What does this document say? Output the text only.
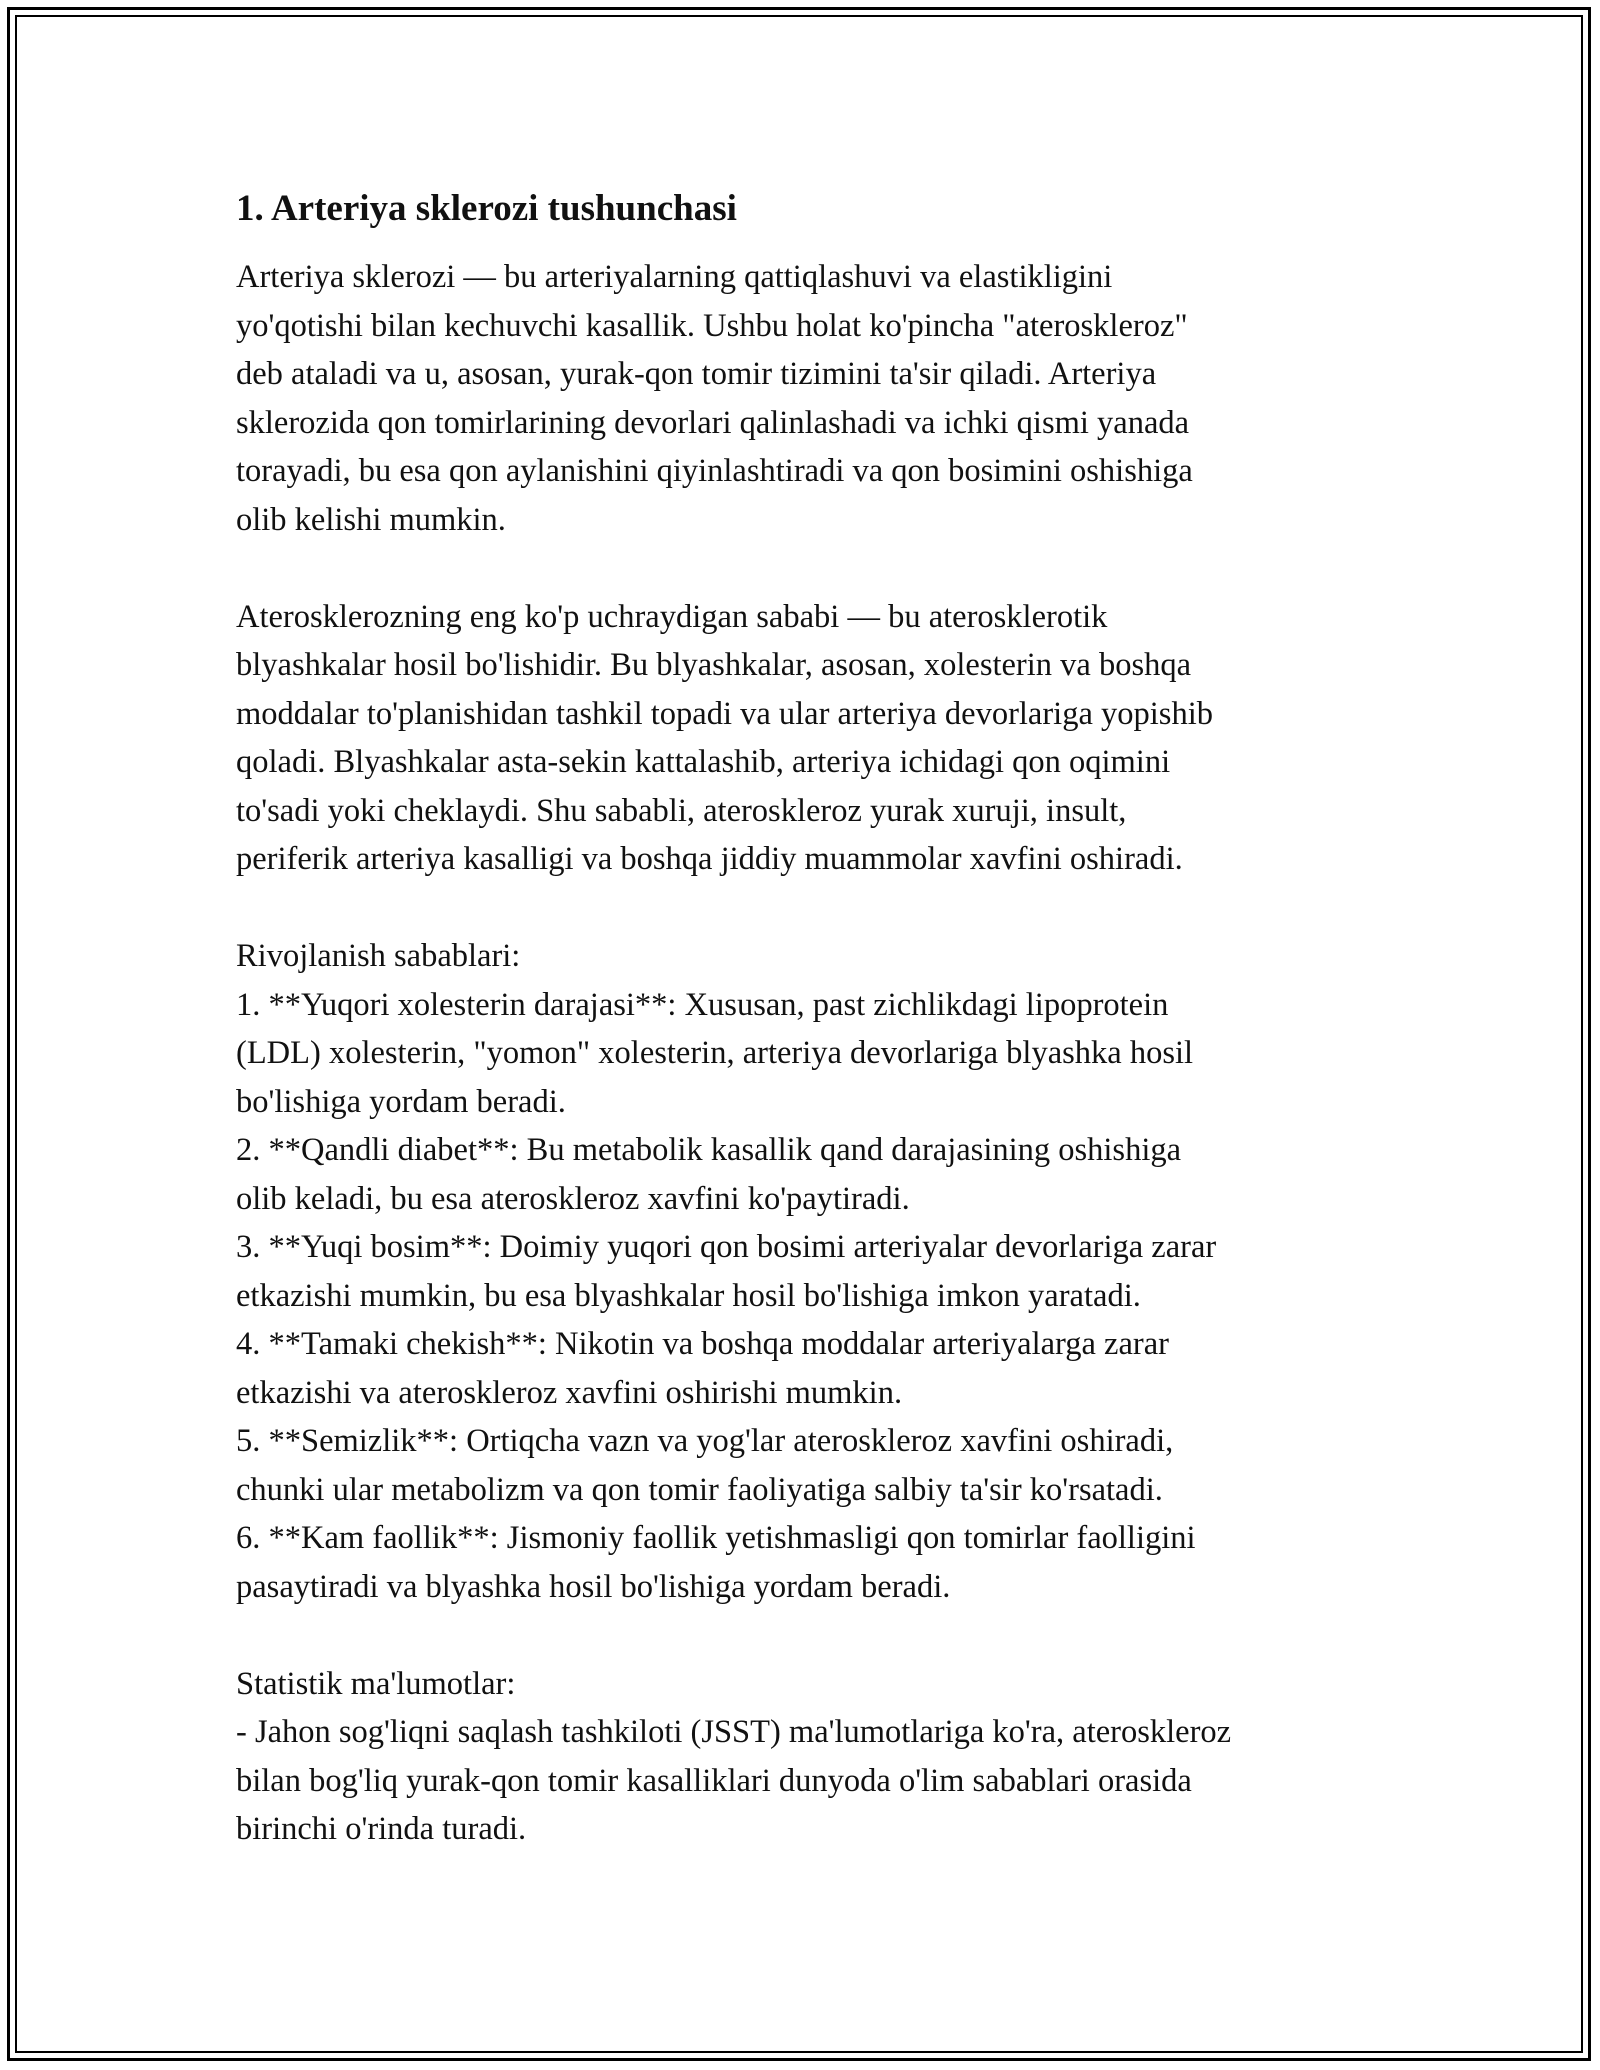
1. Arteriya sklerozi tushunchasi

Arteriya sklerozi — bu arteriyalarning qattiqlashuvi va elastikligini
yo'qotishi bilan kechuvchi kasallik. Ushbu holat ko'pincha "ateroskleroz"
deb ataladi va u, asosan, yurak-qon tomir tizimini ta'sir qiladi. Arteriya
sklerozida qon tomirlarining devorlari qalinlashadi va ichki qismi yanada
torayadi, bu esa qon aylanishini qiyinlashtiradi va qon bosimini oshishiga
olib kelishi mumkin.

Aterosklerozning eng ko'p uchraydigan sababi — bu aterosklerotik
blyashkalar hosil bo'lishidir. Bu blyashkalar, asosan, xolesterin va boshqa
moddalar to'planishidan tashkil topadi va ular arteriya devorlariga yopishib
qoladi. Blyashkalar asta-sekin kattalashib, arteriya ichidagi qon oqimini
to'sadi yoki cheklaydi. Shu sababli, ateroskleroz yurak xuruji, insult,
periferik arteriya kasalligi va boshqa jiddiy muammolar xavfini oshiradi.

Rivojlanish sabablari:
1. **Yuqori xolesterin darajasi**: Xususan, past zichlikdagi lipoprotein
(LDL) xolesterin, "yomon" xolesterin, arteriya devorlariga blyashka hosil
bo'lishiga yordam beradi.
2. **Qandli diabet**: Bu metabolik kasallik qand darajasining oshishiga
olib keladi, bu esa ateroskleroz xavfini ko'paytiradi.
3. **Yuqi bosim**: Doimiy yuqori qon bosimi arteriyalar devorlariga zarar
etkazishi mumkin, bu esa blyashkalar hosil bo'lishiga imkon yaratadi.
4. **Tamaki chekish**: Nikotin va boshqa moddalar arteriyalarga zarar
etkazishi va ateroskleroz xavfini oshirishi mumkin.
5. **Semizlik**: Ortiqcha vazn va yog'lar ateroskleroz xavfini oshiradi,
chunki ular metabolizm va qon tomir faoliyatiga salbiy ta'sir ko'rsatadi.
6. **Kam faollik**: Jismoniy faollik yetishmasligi qon tomirlar faolligini
pasaytiradi va blyashka hosil bo'lishiga yordam beradi.

Statistik ma'lumotlar:
- Jahon sog'liqni saqlash tashkiloti (JSST) ma'lumotlariga ko'ra, ateroskleroz
bilan bog'liq yurak-qon tomir kasalliklari dunyoda o'lim sabablari orasida
birinchi o'rinda turadi.
